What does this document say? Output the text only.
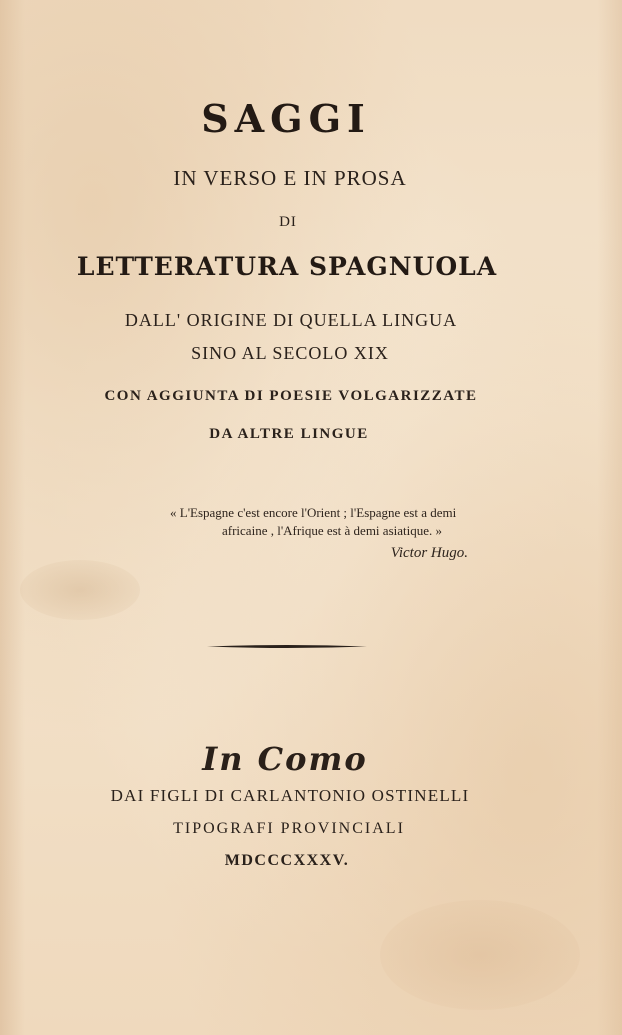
SAGGI
IN VERSO E IN PROSA
DI
LETTERATURA SPAGNUOLA
DALL' ORIGINE DI QUELLA LINGUA
SINO AL SECOLO XIX
CON AGGIUNTA DI POESIE VOLGARIZZATE
DA ALTRE LINGUE
« L'Espagne c'est encore l'Orient ; l'Espagne est a demi
africaine , l'Afrique est à demi asiatique. »
Victor Hugo.
In Como
DAI FIGLI DI CARLANTONIO OSTINELLI
TIPOGRAFI PROVINCIALI
MDCCCXXXV.
